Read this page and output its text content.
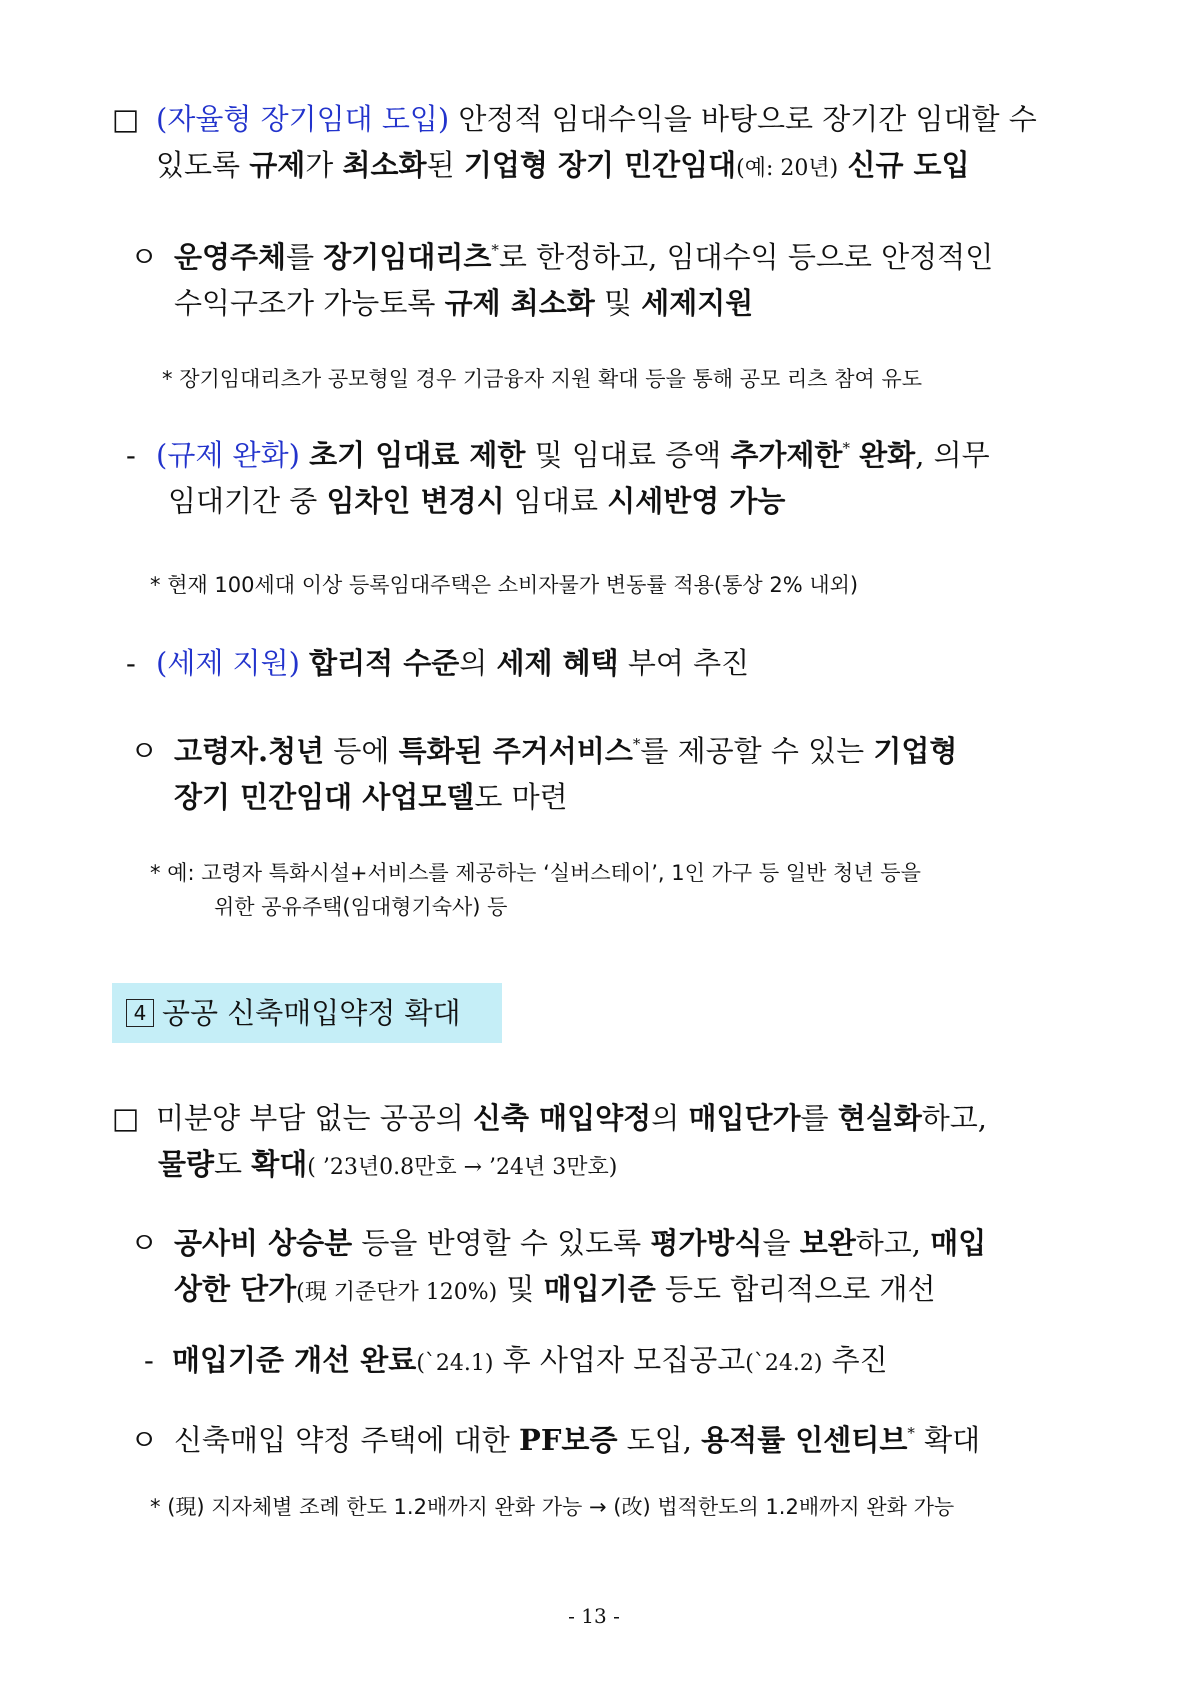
□ (자율형 장기임대 도입) 안정적 임대수익을 바탕으로 장기간 임대할 수
있도록 규제가 최소화된 기업형 장기 민간임대(예: 20년) 신규 도입
ㅇ 운영주체를 장기임대리츠*로 한정하고, 임대수익 등으로 안정적인
수익구조가 가능토록 규제 최소화 및 세제지원
* 장기임대리츠가 공모형일 경우 기금융자 지원 확대 등을 통해 공모 리츠 참여 유도
- (규제 완화) 초기 임대료 제한 및 임대료 증액 추가제한* 완화, 의무
임대기간 중 임차인 변경시 임대료 시세반영 가능
* 현재 100세대 이상 등록임대주택은 소비자물가 변동률 적용(통상 2% 내외)
- (세제 지원) 합리적 수준의 세제 혜택 부여 추진
ㅇ 고령자.청년 등에 특화된 주거서비스*를 제공할 수 있는 기업형
장기 민간임대 사업모델도 마련
* 예: 고령자 특화시설+서비스를 제공하는 ‘실버스테이’, 1인 가구 등 일반 청년 등을
위한 공유주택(임대형기숙사) 등
4 공공 신축매입약정 확대
□ 미분양 부담 없는 공공의 신축 매입약정의 매입단가를 현실화하고,
물량도 확대( ’23년0.8만호 → ’24년 3만호)
ㅇ 공사비 상승분 등을 반영할 수 있도록 평가방식을 보완하고, 매입
상한 단가(現 기준단가 120%) 및 매입기준 등도 합리적으로 개선
- 매입기준 개선 완료(`24.1) 후 사업자 모집공고(`24.2) 추진
ㅇ 신축매입 약정 주택에 대한 PF보증 도입, 용적률 인센티브* 확대
* (現) 지자체별 조례 한도 1.2배까지 완화 가능 → (改) 법적한도의 1.2배까지 완화 가능
- 13 -
